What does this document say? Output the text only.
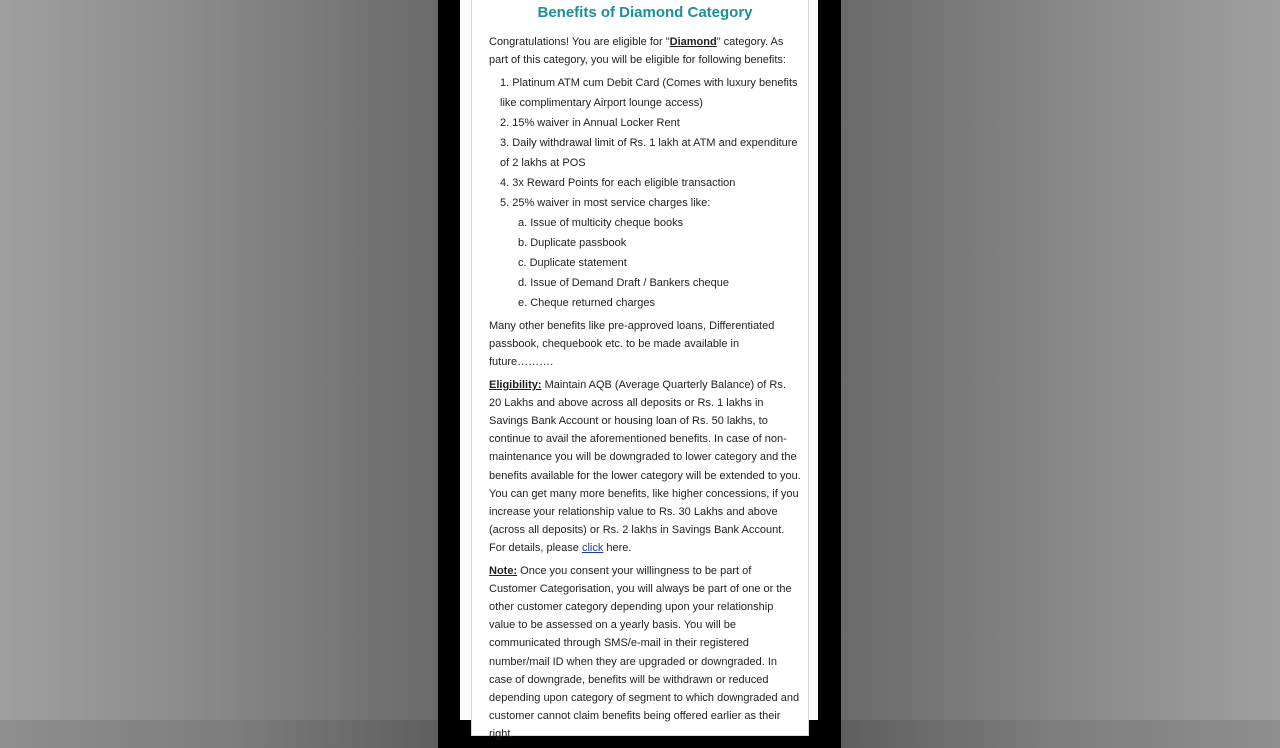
Benefits of Diamond Category

Congratulations! You are eligible for "Diamond" category. As part of this category, you will be eligible for following benefits:

1. Platinum ATM cum Debit Card (Comes with luxury benefits like complimentary Airport lounge access)
2. 15% waiver in Annual Locker Rent
3. Daily withdrawal limit of Rs. 1 lakh at ATM and expenditure of 2 lakhs at POS
4. 3x Reward Points for each eligible transaction
5. 25% waiver in most service charges like:
a. Issue of multicity cheque books
b. Duplicate passbook
c. Duplicate statement
d. Issue of Demand Draft / Bankers cheque
e. Cheque returned charges

Many other benefits like pre-approved loans, Differentiated passbook, chequebook etc. to be made available in future……….

Eligibility: Maintain AQB (Average Quarterly Balance) of Rs. 20 Lakhs and above across all deposits or Rs. 1 lakhs in Savings Bank Account or housing loan of Rs. 50 lakhs, to continue to avail the aforementioned benefits. In case of non-maintenance you will be downgraded to lower category and the benefits available for the lower category will be extended to you. You can get many more benefits, like higher concessions, if you increase your relationship value to Rs. 30 Lakhs and above (across all deposits) or Rs. 2 lakhs in Savings Bank Account. For details, please click here.

Note: Once you consent your willingness to be part of Customer Categorisation, you will always be part of one or the other customer category depending upon your relationship value to be assessed on a yearly basis. You will be communicated through SMS/e-mail in their registered number/mail ID when they are upgraded or downgraded. In case of downgrade, benefits will be withdrawn or reduced depending upon category of segment to which downgraded and customer cannot claim benefits being offered earlier as their right.
